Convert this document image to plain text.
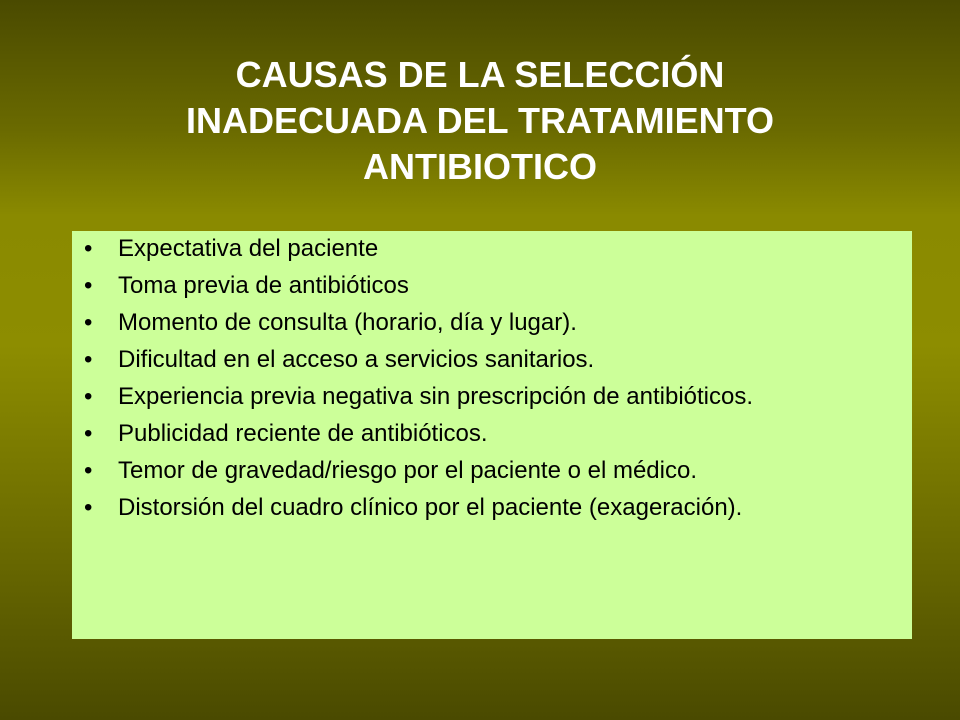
CAUSAS DE LA SELECCIÓN
INADECUADA DEL TRATAMIENTO
ANTIBIOTICO
•	Expectativa del paciente
•	Toma previa de antibióticos
•	Momento de consulta (horario, día y lugar).
•	Dificultad en el acceso a servicios sanitarios.
•	Experiencia previa negativa sin prescripción de antibióticos.
•	Publicidad reciente de antibióticos.
•	Temor de gravedad/riesgo por el paciente o el médico.
•	Distorsión del cuadro clínico por el paciente (exageración).
